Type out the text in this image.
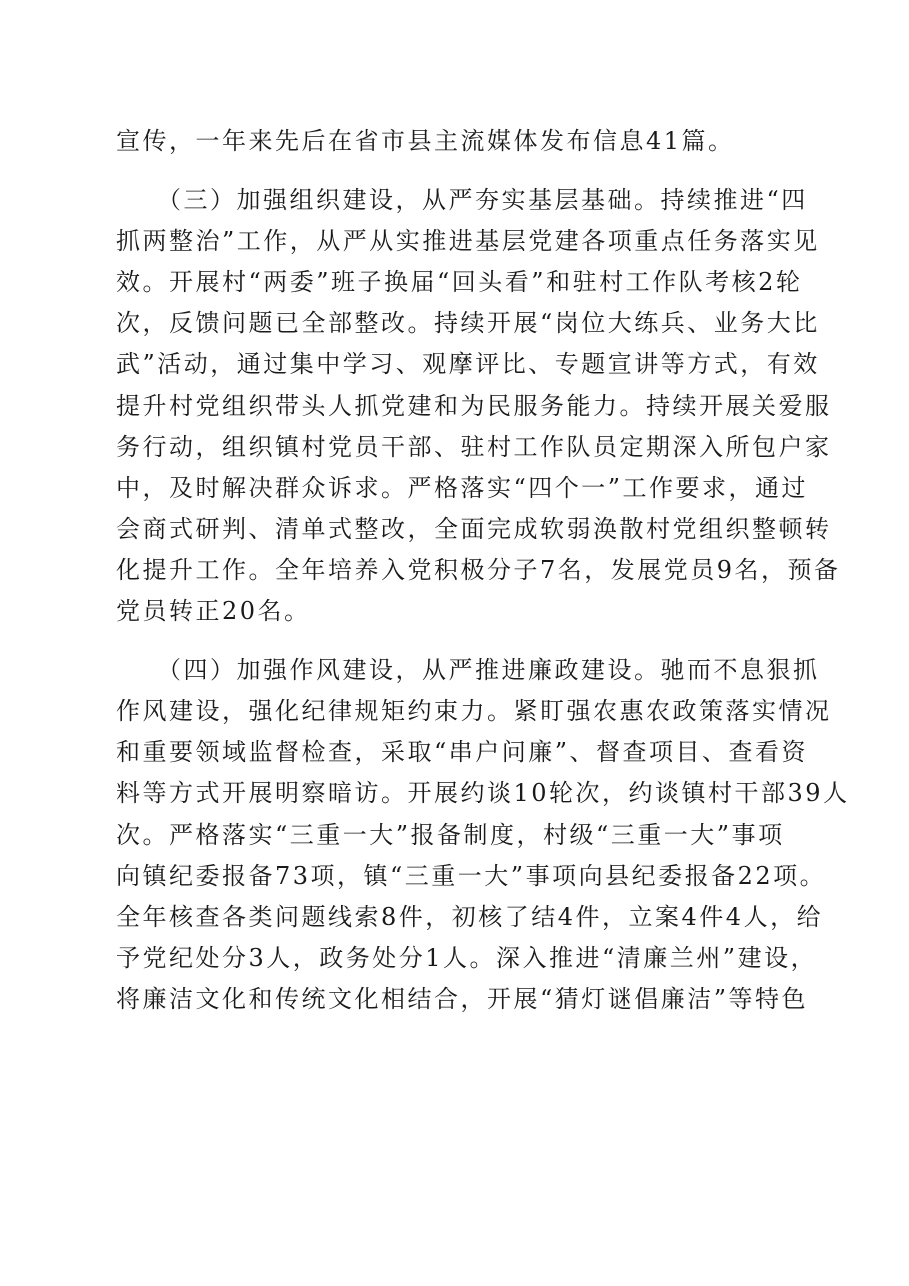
宣传，一年来先后在省市县主流媒体发布信息41篇。
　　（三）加强组织建设，从严夯实基层基础。持续推进“四
抓两整治”工作，从严从实推进基层党建各项重点任务落实见
效。开展村“两委”班子换届“回头看”和驻村工作队考核2轮
次，反馈问题已全部整改。持续开展“岗位大练兵、业务大比
武”活动，通过集中学习、观摩评比、专题宣讲等方式，有效
提升村党组织带头人抓党建和为民服务能力。持续开展关爱服
务行动，组织镇村党员干部、驻村工作队员定期深入所包户家
中，及时解决群众诉求。严格落实“四个一”工作要求，通过
会商式研判、清单式整改，全面完成软弱涣散村党组织整顿转
化提升工作。全年培养入党积极分子7名，发展党员9名，预备
党员转正20名。
　　（四）加强作风建设，从严推进廉政建设。驰而不息狠抓
作风建设，强化纪律规矩约束力。紧盯强农惠农政策落实情况
和重要领域监督检查，采取“串户问廉”、督查项目、查看资
料等方式开展明察暗访。开展约谈10轮次，约谈镇村干部39人
次。严格落实“三重一大”报备制度，村级“三重一大”事项
向镇纪委报备73项，镇“三重一大”事项向县纪委报备22项。
全年核查各类问题线索8件，初核了结4件，立案4件4人，给
予党纪处分3人，政务处分1人。深入推进“清廉兰州”建设，
将廉洁文化和传统文化相结合，开展“猜灯谜倡廉洁”等特色
